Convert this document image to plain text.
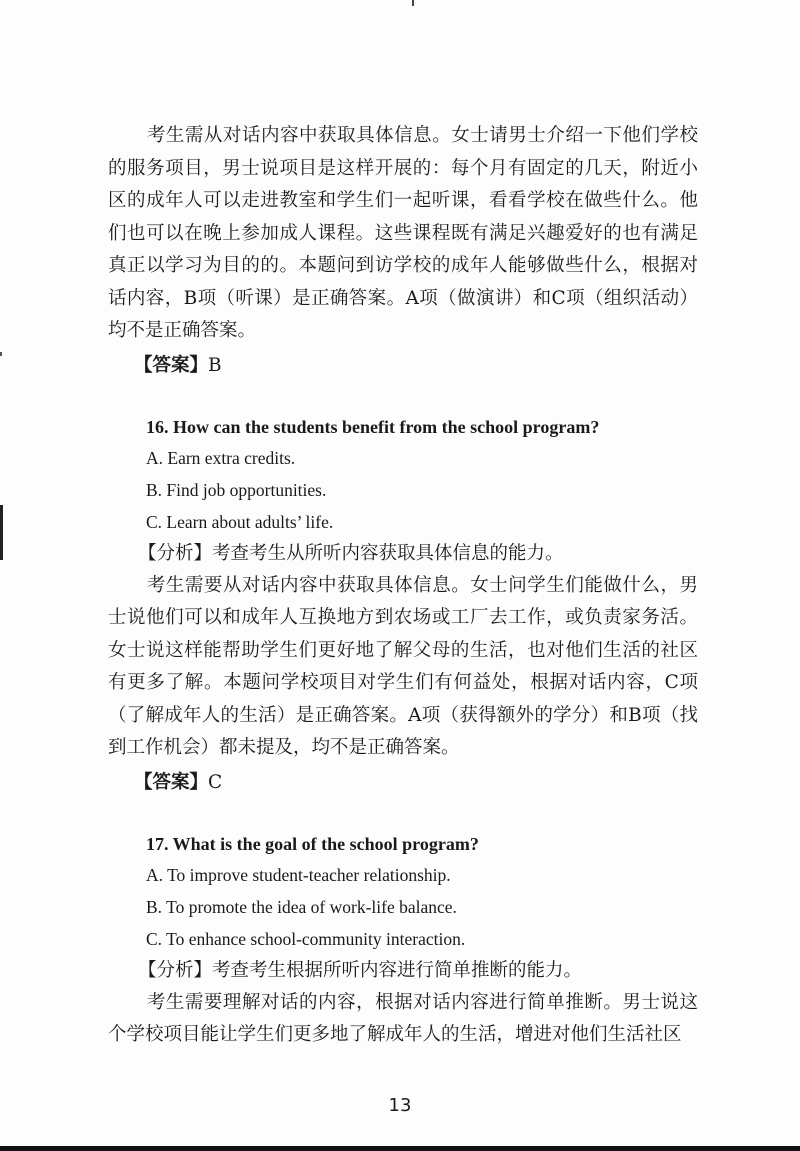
考生需从对话内容中获取具体信息。女士请男士介绍一下他们学校的服务项目，男士说项目是这样开展的：每个月有固定的几天，附近小区的成年人可以走进教室和学生们一起听课，看看学校在做些什么。他们也可以在晚上参加成人课程。这些课程既有满足兴趣爱好的也有满足真正以学习为目的的。本题问到访学校的成年人能够做些什么，根据对话内容，B项（听课）是正确答案。A项（做演讲）和C项（组织活动）均不是正确答案。

【答案】B

16. How can the students benefit from the school program?

A. Earn extra credits.

B. Find job opportunities.

C. Learn about adults’ life.

【分析】考查考生从所听内容获取具体信息的能力。

考生需要从对话内容中获取具体信息。女士问学生们能做什么，男士说他们可以和成年人互换地方到农场或工厂去工作，或负责家务活。女士说这样能帮助学生们更好地了解父母的生活，也对他们生活的社区有更多了解。本题问学校项目对学生们有何益处，根据对话内容，C项（了解成年人的生活）是正确答案。A项（获得额外的学分）和B项（找到工作机会）都未提及，均不是正确答案。

【答案】C

17. What is the goal of the school program?

A. To improve student-teacher relationship.

B. To promote the idea of work-life balance.

C. To enhance school-community interaction.

【分析】考查考生根据所听内容进行简单推断的能力。

考生需要理解对话的内容，根据对话内容进行简单推断。男士说这个学校项目能让学生们更多地了解成年人的生活，增进对他们生活社区

13
